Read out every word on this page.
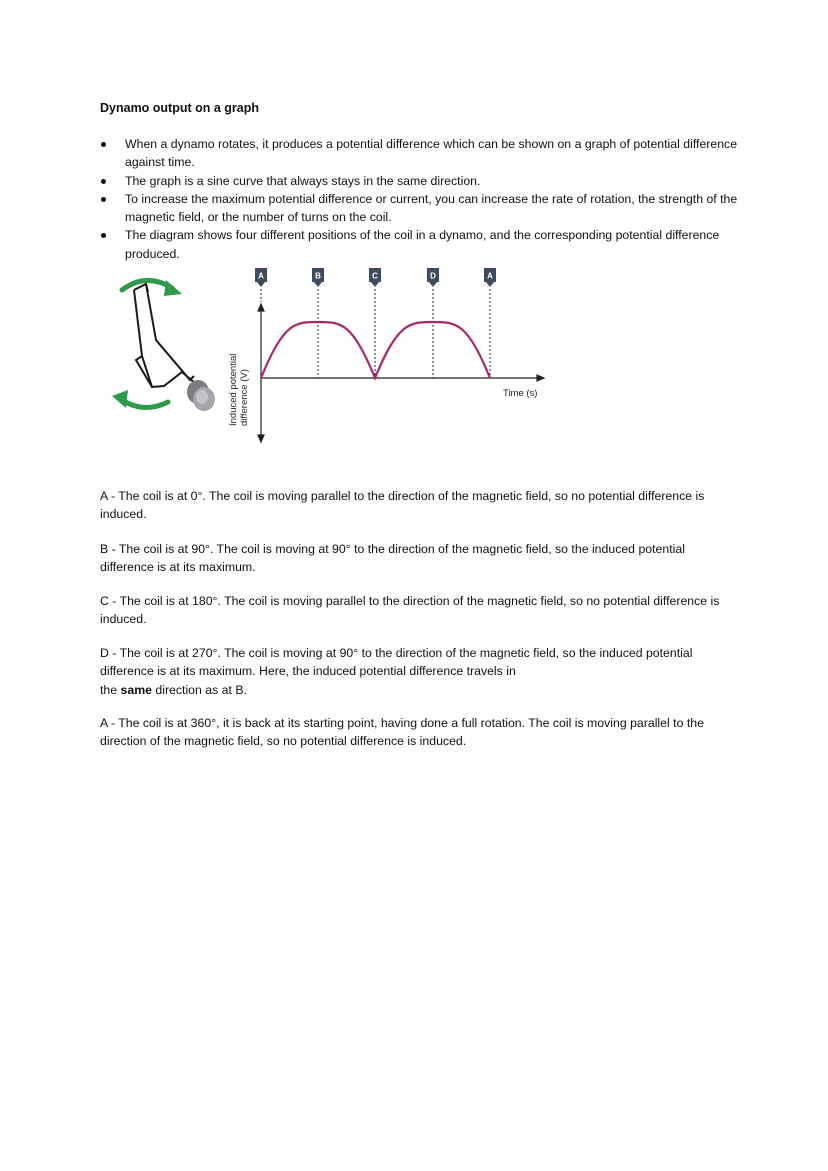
Dynamo output on a graph
When a dynamo rotates, it produces a potential difference which can be shown on a graph of potential difference against time.
The graph is a sine curve that always stays in the same direction.
To increase the maximum potential difference or current, you can increase the rate of rotation, the strength of the magnetic field, or the number of turns on the coil.
The diagram shows four different positions of the coil in a dynamo, and the corresponding potential difference produced.
A	B	C	D	A
Induced potential difference (V)	Time (s)

A - The coil is at 0°. The coil is moving parallel to the direction of the magnetic field, so no potential difference is induced.

B - The coil is at 90°. The coil is moving at 90° to the direction of the magnetic field, so the induced potential difference is at its maximum.

C - The coil is at 180°. The coil is moving parallel to the direction of the magnetic field, so no potential difference is induced.

D - The coil is at 270°. The coil is moving at 90° to the direction of the magnetic field, so the induced potential difference is at its maximum. Here, the induced potential difference travels in
the same direction as at B.

A - The coil is at 360°, it is back at its starting point, having done a full rotation. The coil is moving parallel to the direction of the magnetic field, so no potential difference is induced.
